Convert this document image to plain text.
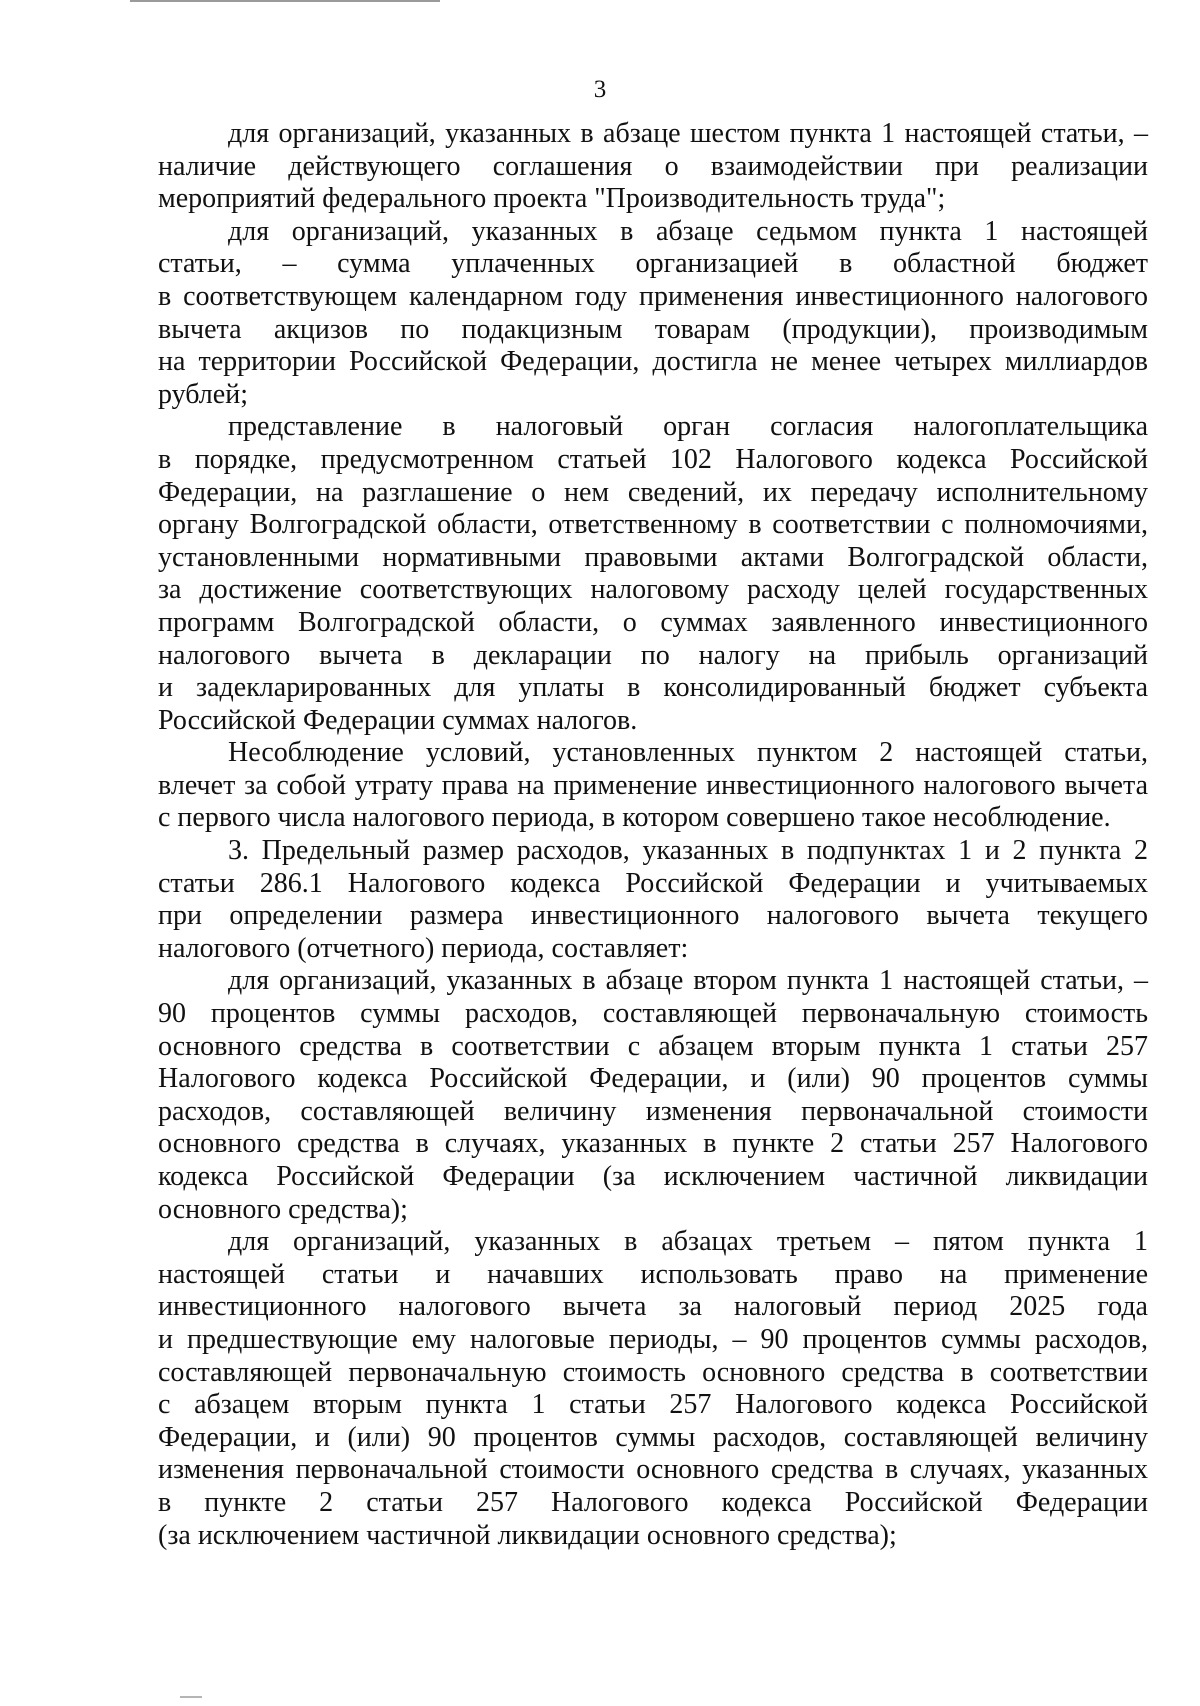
3

для организаций, указанных в абзаце шестом пункта 1 настоящей статьи, –
наличие действующего соглашения о взаимодействии при реализации
мероприятий федерального проекта "Производительность труда";

для организаций, указанных в абзаце седьмом пункта 1 настоящей
статьи, – сумма уплаченных организацией в областной бюджет
в соответствующем календарном году применения инвестиционного налогового
вычета акцизов по подакцизным товарам (продукции), производимым
на территории Российской Федерации, достигла не менее четырех миллиардов
рублей;

представление в налоговый орган согласия налогоплательщика
в порядке, предусмотренном статьей 102 Налогового кодекса Российской
Федерации, на разглашение о нем сведений, их передачу исполнительному
органу Волгоградской области, ответственному в соответствии с полномочиями,
установленными нормативными правовыми актами Волгоградской области,
за достижение соответствующих налоговому расходу целей государственных
программ Волгоградской области, о суммах заявленного инвестиционного
налогового вычета в декларации по налогу на прибыль организаций
и задекларированных для уплаты в консолидированный бюджет субъекта
Российской Федерации суммах налогов.

Несоблюдение условий, установленных пунктом 2 настоящей статьи,
влечет за собой утрату права на применение инвестиционного налогового вычета
с первого числа налогового периода, в котором совершено такое несоблюдение.

3. Предельный размер расходов, указанных в подпунктах 1 и 2 пункта 2
статьи 286.1 Налогового кодекса Российской Федерации и учитываемых
при определении размера инвестиционного налогового вычета текущего
налогового (отчетного) периода, составляет:

для организаций, указанных в абзаце втором пункта 1 настоящей статьи, –
90 процентов суммы расходов, составляющей первоначальную стоимость
основного средства в соответствии с абзацем вторым пункта 1 статьи 257
Налогового кодекса Российской Федерации, и (или) 90 процентов суммы
расходов, составляющей величину изменения первоначальной стоимости
основного средства в случаях, указанных в пункте 2 статьи 257 Налогового
кодекса Российской Федерации (за исключением частичной ликвидации
основного средства);

для организаций, указанных в абзацах третьем – пятом пункта 1
настоящей статьи и начавших использовать право на применение
инвестиционного налогового вычета за налоговый период 2025 года
и предшествующие ему налоговые периоды, – 90 процентов суммы расходов,
составляющей первоначальную стоимость основного средства в соответствии
с абзацем вторым пункта 1 статьи 257 Налогового кодекса Российской
Федерации, и (или) 90 процентов суммы расходов, составляющей величину
изменения первоначальной стоимости основного средства в случаях, указанных
в пункте 2 статьи 257 Налогового кодекса Российской Федерации
(за исключением частичной ликвидации основного средства);
